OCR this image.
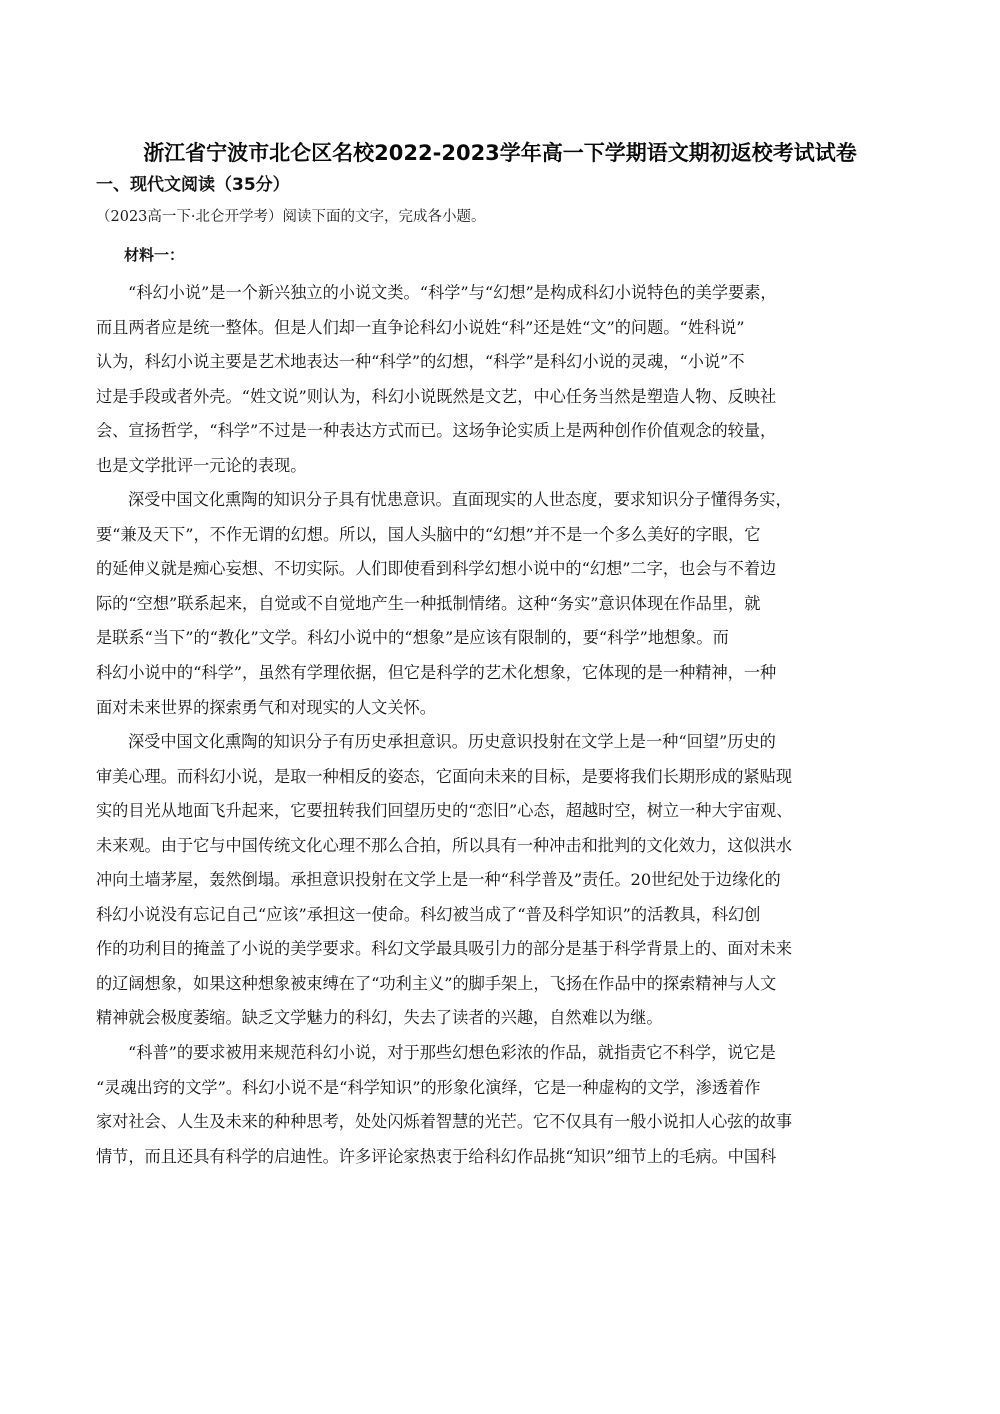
浙江省宁波市北仑区名校2022-2023学年高一下学期语文期初返校考试试卷
一、现代文阅读（35分）

（2023高一下·北仑开学考）阅读下面的文字，完成各小题。

材料一：

“科幻小说”是一个新兴独立的小说文类。“科学”与“幻想”是构成科幻小说特色的美学要素，
而且两者应是统一整体。但是人们却一直争论科幻小说姓“科”还是姓“文”的问题。“姓科说”
认为，科幻小说主要是艺术地表达一种“科学”的幻想，“科学”是科幻小说的灵魂，“小说”不
过是手段或者外壳。“姓文说”则认为，科幻小说既然是文艺，中心任务当然是塑造人物、反映社
会、宣扬哲学，“科学”不过是一种表达方式而已。这场争论实质上是两种创作价值观念的较量，
也是文学批评一元论的表现。
深受中国文化熏陶的知识分子具有忧患意识。直面现实的人世态度，要求知识分子懂得务实，
要“兼及天下”，不作无谓的幻想。所以，国人头脑中的“幻想”并不是一个多么美好的字眼，它
的延伸义就是痴心妄想、不切实际。人们即使看到科学幻想小说中的“幻想”二字，也会与不着边
际的“空想”联系起来，自觉或不自觉地产生一种抵制情绪。这种“务实”意识体现在作品里，就
是联系“当下”的“教化”文学。科幻小说中的“想象”是应该有限制的，要“科学”地想象。而
科幻小说中的“科学”，虽然有学理依据，但它是科学的艺术化想象，它体现的是一种精神，一种
面对未来世界的探索勇气和对现实的人文关怀。
深受中国文化熏陶的知识分子有历史承担意识。历史意识投射在文学上是一种“回望”历史的
审美心理。而科幻小说，是取一种相反的姿态，它面向未来的目标，是要将我们长期形成的紧贴现
实的目光从地面飞升起来，它要扭转我们回望历史的“恋旧”心态，超越时空，树立一种大宇宙观、
未来观。由于它与中国传统文化心理不那么合拍，所以具有一种冲击和批判的文化效力，这似洪水
冲向土墙茅屋，轰然倒塌。承担意识投射在文学上是一种“科学普及”责任。20世纪处于边缘化的
科幻小说没有忘记自己“应该”承担这一使命。科幻被当成了“普及科学知识”的活教具，科幻创
作的功利目的掩盖了小说的美学要求。科幻文学最具吸引力的部分是基于科学背景上的、面对未来
的辽阔想象，如果这种想象被束缚在了“功利主义”的脚手架上，飞扬在作品中的探索精神与人文
精神就会极度萎缩。缺乏文学魅力的科幻，失去了读者的兴趣，自然难以为继。
“科普”的要求被用来规范科幻小说，对于那些幻想色彩浓的作品，就指责它不科学，说它是
“灵魂出窍的文学”。科幻小说不是“科学知识”的形象化演绎，它是一种虚构的文学，渗透着作
家对社会、人生及未来的种种思考，处处闪烁着智慧的光芒。它不仅具有一般小说扣人心弦的故事
情节，而且还具有科学的启迪性。许多评论家热衷于给科幻作品挑“知识”细节上的毛病。中国科
